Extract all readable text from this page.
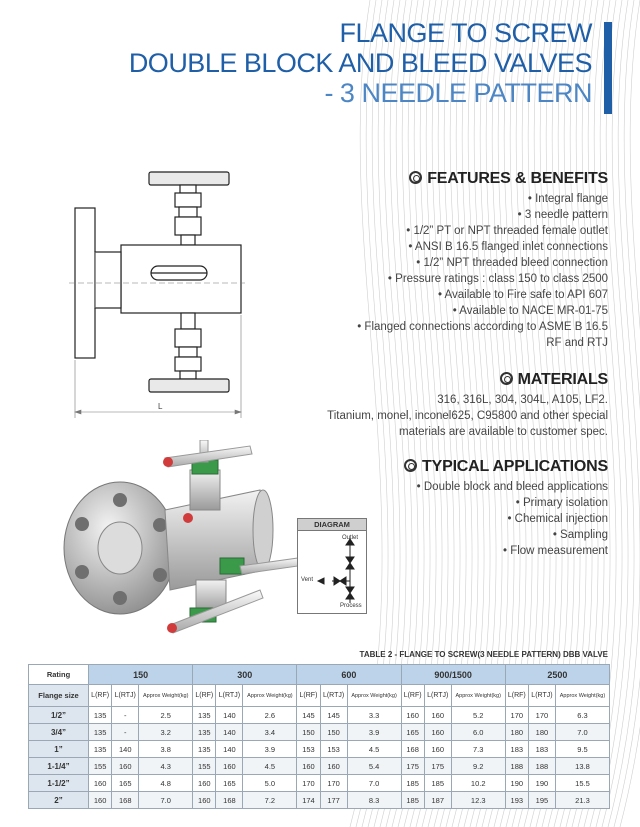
FLANGE TO SCREW
DOUBLE BLOCK AND BLEED VALVES
- 3 NEEDLE PATTERN
L
FEATURES & BENEFITS
• Integral flange
• 3 needle pattern
• 1/2” PT or NPT threaded female outlet
• ANSI B 16.5 flanged inlet connections
• 1/2” NPT threaded bleed connection
• Pressure ratings : class 150 to class 2500
• Available to Fire safe to API 607
• Available to NACE MR-01-75
• Flanged connections according to ASME B 16.5
RF and RTJ
MATERIALS
316, 316L, 304, 304L, A105, LF2.
Titanium, monel, inconel625, C95800 and other special
materials are available to customer spec.
TYPICAL APPLICATIONS
• Double block and bleed applications
• Primary isolation
• Chemical injection
• Sampling
• Flow measurement
DIAGRAM
Outlet
Vent
Process
TABLE 2 - FLANGE TO SCREW(3 NEEDLE PATTERN) DBB VALVE
Rating	150			300			600			900/1500			2500		
Flange size	L(RF)	L(RTJ)	Approx Weight(kg)	L(RF)	L(RTJ)	Approx Weight(kg)	L(RF)	L(RTJ)	Approx Weight(kg)	L(RF)	L(RTJ)	Approx Weight(kg)	L(RF)	L(RTJ)	Approx Weight(kg)
1/2”	135	-	2.5	135	140	2.6	145	145	3.3	160	160	5.2	170	170	6.3
3/4”	135	-	3.2	135	140	3.4	150	150	3.9	165	160	6.0	180	180	7.0
1”	135	140	3.8	135	140	3.9	153	153	4.5	168	160	7.3	183	183	9.5
1-1/4”	155	160	4.3	155	160	4.5	160	160	5.4	175	175	9.2	188	188	13.8
1-1/2”	160	165	4.8	160	165	5.0	170	170	7.0	185	185	10.2	190	190	15.5
2”	160	168	7.0	160	168	7.2	174	177	8.3	185	187	12.3	193	195	21.3
